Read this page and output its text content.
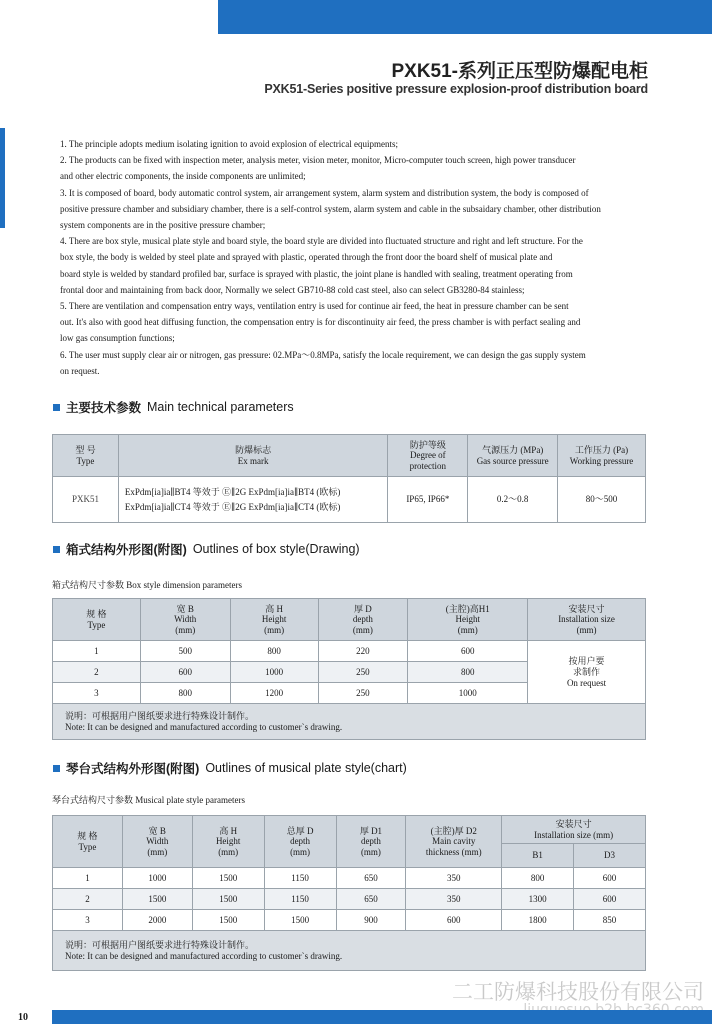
PXK51-系列正压型防爆配电柜
PXK51-Series positive pressure explosion-proof distribution board

1. The principle adopts medium isolating ignition to avoid explosion of electrical equipments;

2. The products can be fixed with inspection meter, analysis meter, vision meter, monitor, Micro-computer touch screen, high power transducer

and other electric components, the inside components are unlimited;

3. It is composed of board, body automatic control system, air arrangement system, alarm system and distribution system, the body is composed of

positive pressure chamber and subsidiary chamber, there is a self-control system, alarm system and cable in the subsaidary chamber, other distribution

system components are in the positive pressure chamber;

4. There are box style, musical plate style and board style, the board style are divided into fluctuated structure and right and left structure. For the

box style, the body is welded by steel plate and sprayed with plastic, operated through the front door the board shelf of musical plate and

board style is welded by standard profiled bar, surface is sprayed with plastic, the joint plane is handled with sealing, treatment operating from

frontal door and maintaining from back door, Normally we select GB710-88 cold cast steel, also can select GB3280-84 stainless;

5. There are ventilation and compensation entry ways, ventilation entry is used for continue air feed, the heat in pressure chamber can be sent

out. It's also with good heat diffusing function, the compensation entry is for discontinuity air feed, the press chamber is with perfact sealing and

low gas consumption functions;

6. The user must supply clear air or nitrogen, gas pressure: 02.MPa～0.8MPa, satisfy the locale requirement, we can design the gas supply system

on request.

主要技术参数 Main technical parameters
型 号
Type	防爆标志
Ex mark	防护等级
Degree of
protection	气源压力 (MPa)
Gas source pressure	工作压力 (Pa)
Working pressure
PXK51	ExPdm[ia]ia∥BT4 等效于 Ⓔ∥2G ExPdm[ia]ia∥BT4 (欧标)
ExPdm[ia]ia∥CT4 等效于 Ⓔ∥2G ExPdm[ia]ia∥CT4 (欧标)	IP65, IP66*	0.2～0.8	80～500
箱式结构外形图(附图) Outlines of box style(Drawing)
箱式结构尺寸参数 Box style dimension parameters
规 格
Type	宽 B
Width
(mm)	高 H
Height
(mm)	厚 D
depth
(mm)	(主腔)高H1
Height
(mm)	安装尺寸
Installation size
(mm)
1	500	800	220	600	按用户要
求制作
On request
2	600	1000	250	800	
3	800	1200	250	1000	
说明：可根据用户图纸要求进行特殊设计制作。
Note: It can be designed and manufactured according to customer`s drawing.					
琴台式结构外形图(附图) Outlines of musical plate style(chart)
琴台式结构尺寸参数 Musical plate style parameters
规 格
Type	宽 B
Width
(mm)	高 H
Height
(mm)	总厚 D
depth
(mm)	厚 D1
depth
(mm)	(主腔)厚 D2
Main cavity
thickness (mm)	安装尺寸
Installation size (mm)	
						B1	D3
1	1000	1500	1150	650	350	800	600
2	1500	1500	1150	650	350	1300	600
3	2000	1500	1500	900	600	1800	850
说明：可根据用户图纸要求进行特殊设计制作。
Note: It can be designed and manufactured according to customer`s drawing.							
二工防爆科技股份有限公司
10
